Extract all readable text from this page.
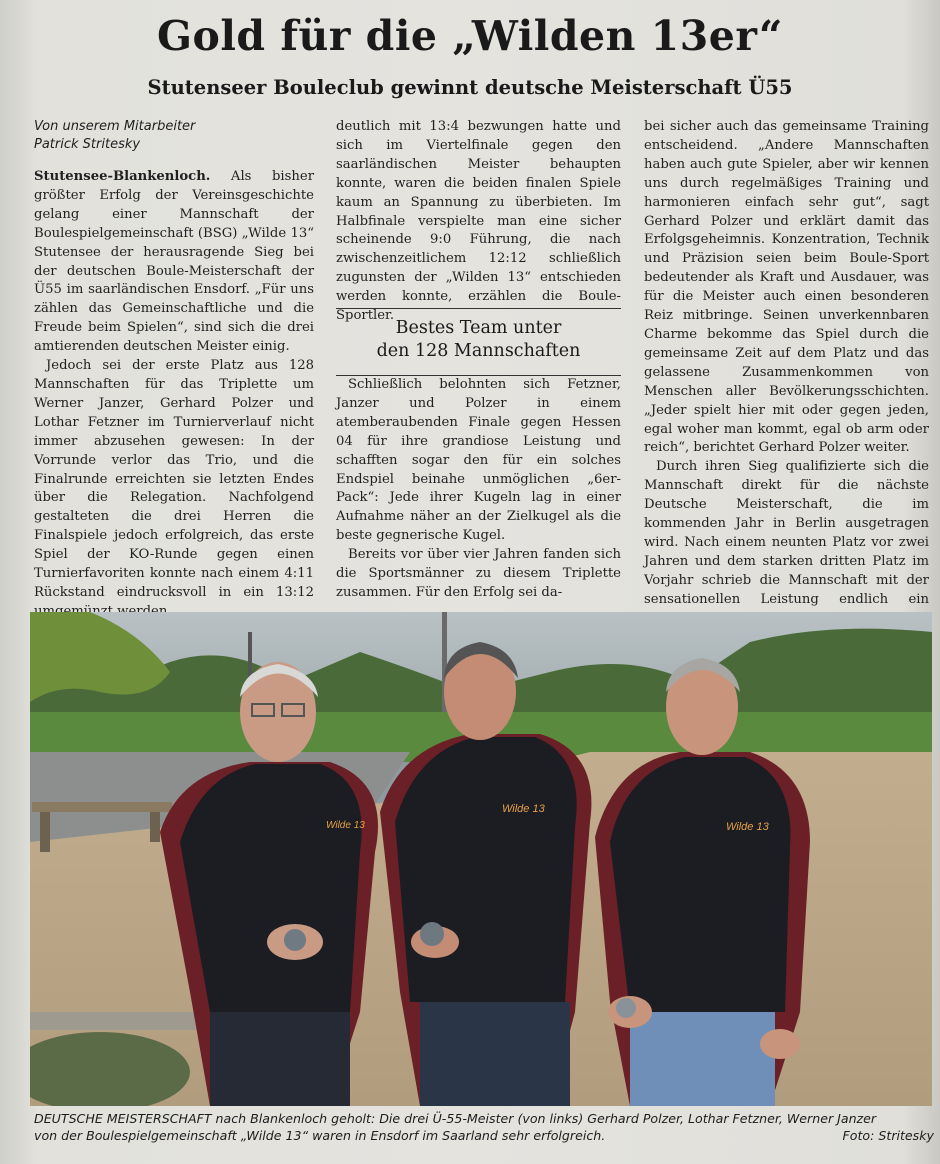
Gold für die „Wilden 13er“
Stutenseer Bouleclub gewinnt deutsche Meisterschaft Ü55
Von unserem Mitarbeiter
Patrick Stritesky

Stutensee-Blankenloch. Als bisher größter Erfolg der Vereinsgeschichte gelang einer Mannschaft der Boulespielgemeinschaft (BSG) „Wilde 13“ Stutensee der herausragende Sieg bei der deutschen Boule-Meisterschaft der Ü55 im saarländischen Ensdorf. „Für uns zählen das Gemeinschaftliche und die Freude beim Spielen“, sind sich die drei amtierenden deutschen Meister einig.

Jedoch sei der erste Platz aus 128 Mannschaften für das Triplette um Werner Janzer, Gerhard Polzer und Lothar Fetzner im Turnierverlauf nicht immer abzusehen gewesen: In der Vorrunde verlor das Trio, und die Finalrunde erreichten sie letzten Endes über die Relegation. Nachfolgend gestalteten die drei Herren die Finalspiele jedoch erfolgreich, das erste Spiel der KO-Runde gegen einen Turnierfavoriten konnte nach einem 4:11 Rückstand eindrucksvoll in ein 13:12

deutlich mit 13:4 bezwungen hatte und sich im Viertelfinale gegen den saarländischen Meister behaupten konnte, waren die beiden finalen Spiele kaum an Spannung zu überbieten. Im Halbfinale verspielte man eine sicher scheinende 9:0 Führung, die nach zwischenzeitlichem 12:12 schließlich zugunsten der „Wilden 13“ entschieden werden konnte, erzählen die Boule-Sportler.

Bestes Team unter
den 128 Mannschaften

Schließlich belohnten sich Fetzner, Janzer und Polzer in einem atemberaubenden Finale gegen Hessen 04 für ihre grandiose Leistung und schafften sogar den für ein solches Endspiel beinahe unmöglichen „6er-Pack“: Jede ihrer Kugeln lag in einer Aufnahme näher an der Zielkugel als die beste gegnerische Kugel.

Bereits vor über vier Jahren fanden sich die Sportsmänner zu diesem Triplette zusammen. Für den Erfolg sei da-

bei sicher auch das gemeinsame Training entscheidend. „Andere Mannschaften haben auch gute Spieler, aber wir kennen uns durch regelmäßiges Training und harmonieren einfach sehr gut“, sagt Gerhard Polzer und erklärt damit das Erfolgsgeheimnis. Konzentration, Technik und Präzision seien beim Boule-Sport bedeutender als Kraft und Ausdauer, was für die Meister auch einen besonderen Reiz mitbringe. Seinen unverkennbaren Charme bekomme das Spiel durch die gemeinsame Zeit auf dem Platz und das gelassene Zusammenkommen von Menschen aller Bevölkerungsschichten. „Jeder spielt hier mit oder gegen jeden, egal woher man kommt, egal ob arm oder reich“, berichtet Gerhard Polzer weiter.

Durch ihren Sieg qualifizierte sich die Mannschaft direkt für die nächste Deutsche Meisterschaft, die im kommenden Jahr in Berlin ausgetragen wird. Nach einem neunten Platz vor zwei Jahren und dem starken dritten Platz im Vorjahr schrieb die Mannschaft mit der sensationellen Leistung endlich ein

Wilde 13
Wilde 13
Wilde 13
DEUTSCHE MEISTERSCHAFT nach Blankenloch geholt: Die drei Ü-55-Meister (von links) Gerhard Polzer, Lothar Fetzner, Werner Janzer
von der Boulespielgemeinschaft „Wilde 13“ waren in Ensdorf im Saarland sehr erfolgreich.	Foto: Stritesky
